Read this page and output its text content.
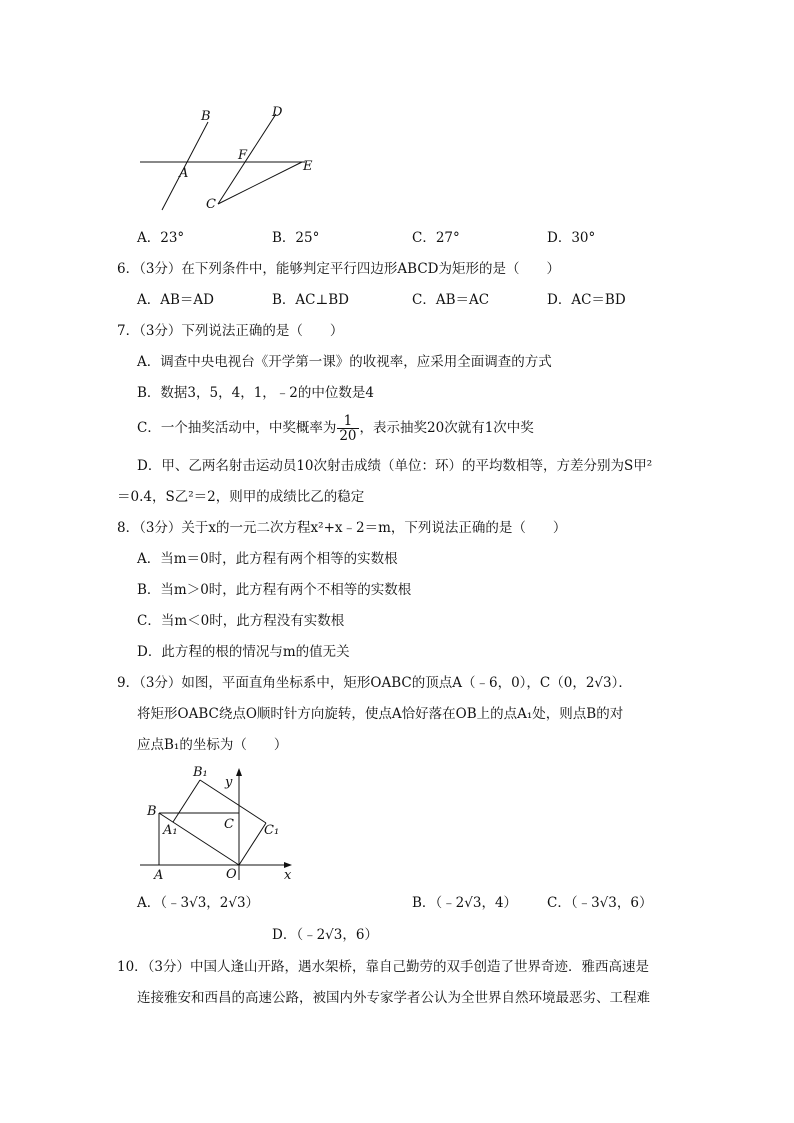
B	D
F
E
A
C
A．23°	B．25°	C．27°	D．30°
6．（3分）在下列条件中，能够判定平行四边形ABCD为矩形的是（　　）
A．AB＝AD	B．AC⊥BD	C．AB＝AC	D．AC＝BD
7．（3分）下列说法正确的是（　　）
A．调查中央电视台《开学第一课》的收视率，应采用全面调查的方式
B．数据3，5，4，1，﹣2的中位数是4
C．一个抽奖活动中，中奖概率为 $\frac{1}{20}$ ，表示抽奖20次就有1次中奖
D．甲、乙两名射击运动员10次射击成绩（单位：环）的平均数相等，方差分别为S甲²
＝0.4，S乙²＝2，则甲的成绩比乙的稳定
8．（3分）关于x的一元二次方程x²+x﹣2＝m，下列说法正确的是（　　）
A．当m＝0时，此方程有两个相等的实数根
B．当m＞0时，此方程有两个不相等的实数根
C．当m＜0时，此方程没有实数根
D．此方程的根的情况与m的值无关
9．（3分）如图，平面直角坐标系中，矩形OABC的顶点A（﹣6，0），C（0，2√3）．
将矩形OABC绕点O顺时针方向旋转，使点A恰好落在OB上的点A₁处，则点B的对
应点B₁的坐标为（　　）
B₁
y
B
A₁	C C₁
A	O	x
A．（﹣3√3，2√3）	B．（﹣2√3，4） C．（﹣3√3，6）
D．（﹣2√3，6）
10．（3分）中国人逢山开路，遇水架桥，靠自己勤劳的双手创造了世界奇迹．雅西高速是
连接雅安和西昌的高速公路，被国内外专家学者公认为全世界自然环境最恶劣、工程难
